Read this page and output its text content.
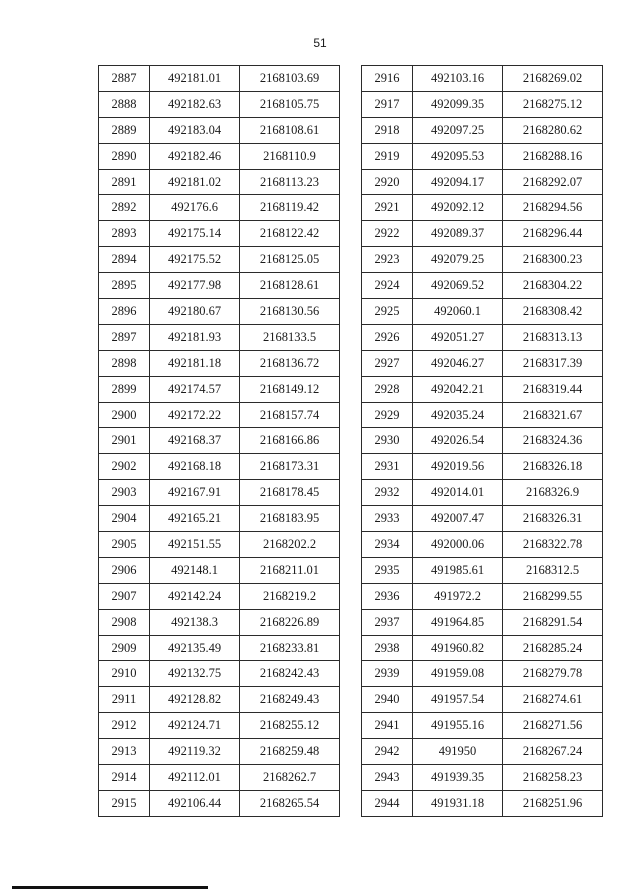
51
2887	492181.01	2168103.69
2888	492182.63	2168105.75
2889	492183.04	2168108.61
2890	492182.46	2168110.9
2891	492181.02	2168113.23
2892	492176.6	2168119.42
2893	492175.14	2168122.42
2894	492175.52	2168125.05
2895	492177.98	2168128.61
2896	492180.67	2168130.56
2897	492181.93	2168133.5
2898	492181.18	2168136.72
2899	492174.57	2168149.12
2900	492172.22	2168157.74
2901	492168.37	2168166.86
2902	492168.18	2168173.31
2903	492167.91	2168178.45
2904	492165.21	2168183.95
2905	492151.55	2168202.2
2906	492148.1	2168211.01
2907	492142.24	2168219.2
2908	492138.3	2168226.89
2909	492135.49	2168233.81
2910	492132.75	2168242.43
2911	492128.82	2168249.43
2912	492124.71	2168255.12
2913	492119.32	2168259.48
2914	492112.01	2168262.7
2915	492106.44	2168265.54
2916	492103.16	2168269.02
2917	492099.35	2168275.12
2918	492097.25	2168280.62
2919	492095.53	2168288.16
2920	492094.17	2168292.07
2921	492092.12	2168294.56
2922	492089.37	2168296.44
2923	492079.25	2168300.23
2924	492069.52	2168304.22
2925	492060.1	2168308.42
2926	492051.27	2168313.13
2927	492046.27	2168317.39
2928	492042.21	2168319.44
2929	492035.24	2168321.67
2930	492026.54	2168324.36
2931	492019.56	2168326.18
2932	492014.01	2168326.9
2933	492007.47	2168326.31
2934	492000.06	2168322.78
2935	491985.61	2168312.5
2936	491972.2	2168299.55
2937	491964.85	2168291.54
2938	491960.82	2168285.24
2939	491959.08	2168279.78
2940	491957.54	2168274.61
2941	491955.16	2168271.56
2942	491950	2168267.24
2943	491939.35	2168258.23
2944	491931.18	2168251.96
